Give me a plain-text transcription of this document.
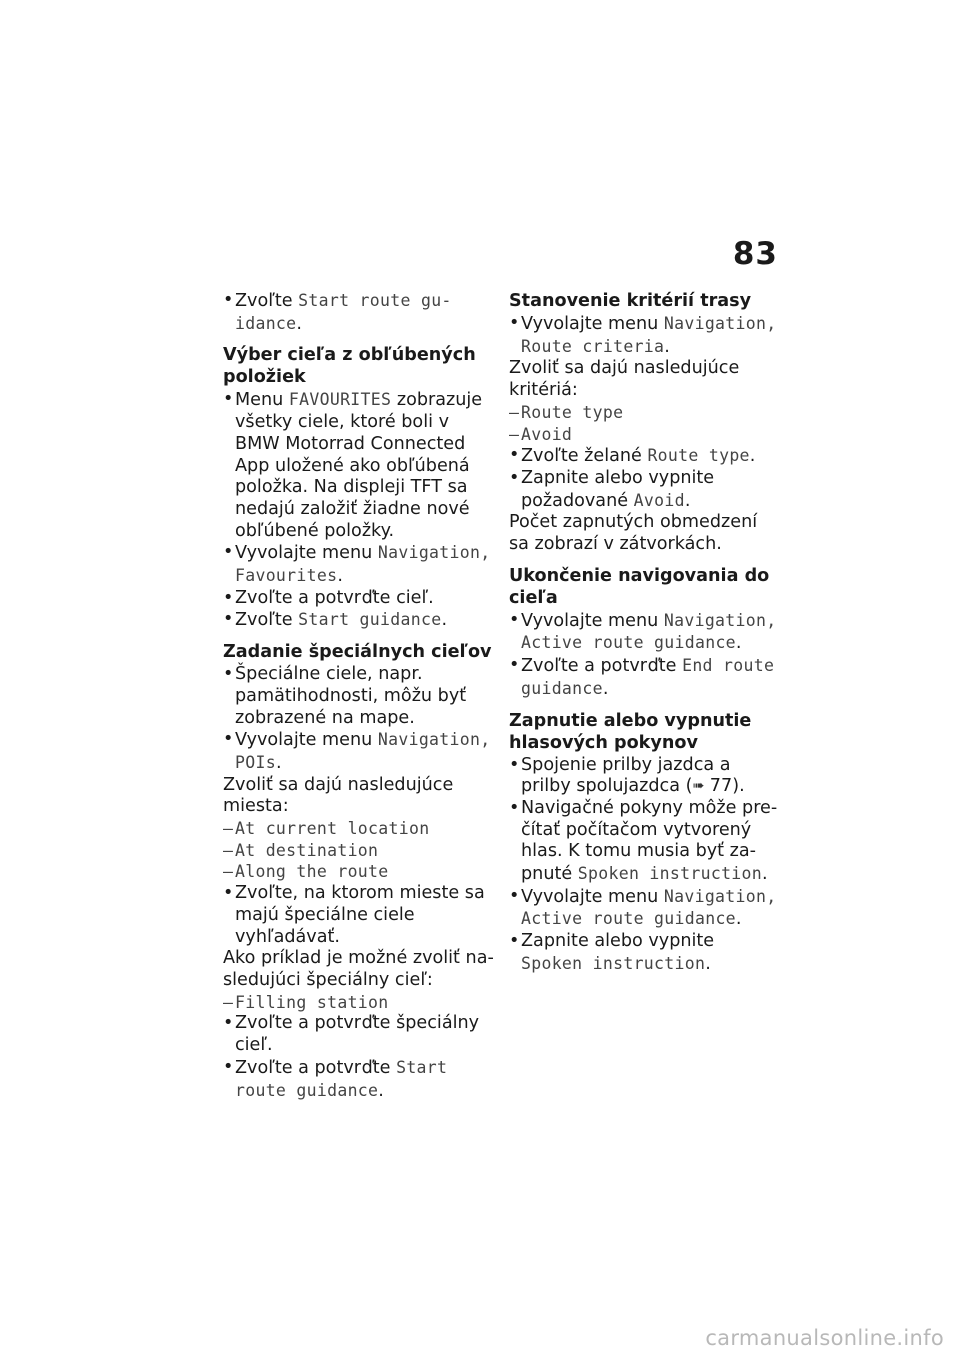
83
• Zvoľte Start route gu- idance.
Výber cieľa z obľúbených položiek
• Menu FAVOURITES zobrazuje všetky ciele, ktoré boli v BMW Motorrad Connected App uložené ako obľúbená položka. Na displeji TFT sa nedajú založiť žiadne nové obľúbené položky.
• Vyvolajte menu Navigation, Favourites.
• Zvoľte a potvrďte cieľ.
• Zvoľte Start guidance.
Zadanie špeciálnych cieľov
• Špeciálne ciele, napr. pamätihodnosti, môžu byť zobrazené na mape.
• Vyvolajte menu Navigation, POIs.
Zvoliť sa dajú nasledujúce miesta:
– At current location
– At destination
– Along the route
• Zvoľte, na ktorom mieste sa majú špeciálne ciele vyhľadávať.
Ako príklad je možné zvoliť nasledujúci špeciálny cieľ:
– Filling station
• Zvoľte a potvrďte špeciálny cieľ.
• Zvoľte a potvrďte Start route guidance.
Stanovenie kritérií trasy
• Vyvolajte menu Navigation, Route criteria.
Zvoliť sa dajú nasledujúce kritériá:
– Route type
– Avoid
• Zvoľte želané Route type.
• Zapnite alebo vypnite požadované Avoid.
Počet zapnutých obmedzení sa zobrazí v zátvorkách.
Ukončenie navigovania do cieľa
• Vyvolajte menu Navigation, Active route guidance.
• Zvoľte a potvrďte End route guidance.
Zapnutie alebo vypnutie hlasových pokynov
• Spojenie prilby jazdca a prilby spolujazdca (➠ 77).
• Navigačné pokyny môže prečítať počítačom vytvorený hlas. K tomu musia byť zapnuté Spoken instruction.
• Vyvolajte menu Navigation, Active route guidance.
• Zapnite alebo vypnite Spoken instruction.
carmanualsonline.info
